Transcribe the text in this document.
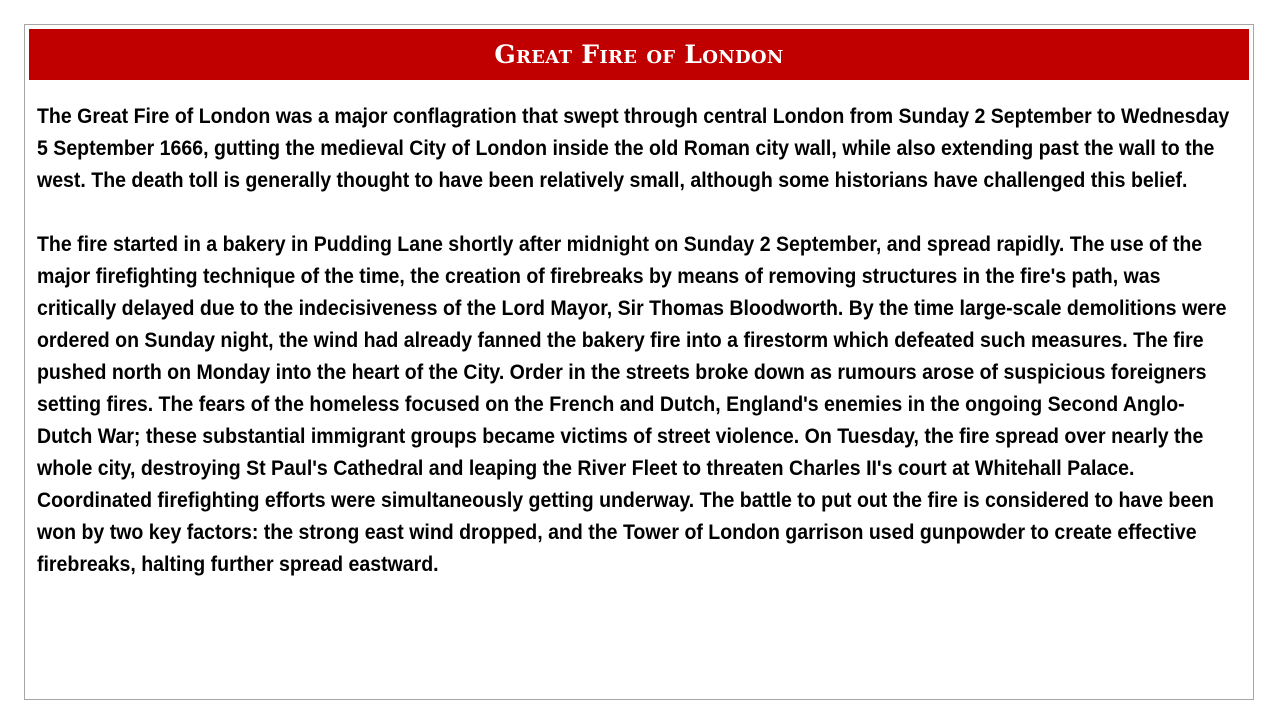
Great Fire of London

The Great Fire of London was a major conflagration that swept through central London from Sunday 2 September to Wednesday 5 September 1666, gutting the medieval City of London inside the old Roman city wall, while also extending past the wall to the west. The death toll is generally thought to have been relatively small, although some historians have challenged this belief.

The fire started in a bakery in Pudding Lane shortly after midnight on Sunday 2 September, and spread rapidly. The use of the major firefighting technique of the time, the creation of firebreaks by means of removing structures in the fire's path, was critically delayed due to the indecisiveness of the Lord Mayor, Sir Thomas Bloodworth. By the time large-scale demolitions were ordered on Sunday night, the wind had already fanned the bakery fire into a firestorm which defeated such measures. The fire pushed north on Monday into the heart of the City. Order in the streets broke down as rumours arose of suspicious foreigners setting fires. The fears of the homeless focused on the French and Dutch, England's enemies in the ongoing Second Anglo-Dutch War; these substantial immigrant groups became victims of street violence. On Tuesday, the fire spread over nearly the whole city, destroying St Paul's Cathedral and leaping the River Fleet to threaten Charles II's court at Whitehall Palace. Coordinated firefighting efforts were simultaneously getting underway. The battle to put out the fire is considered to have been won by two key factors: the strong east wind dropped, and the Tower of London garrison used gunpowder to create effective firebreaks, halting further spread eastward.
